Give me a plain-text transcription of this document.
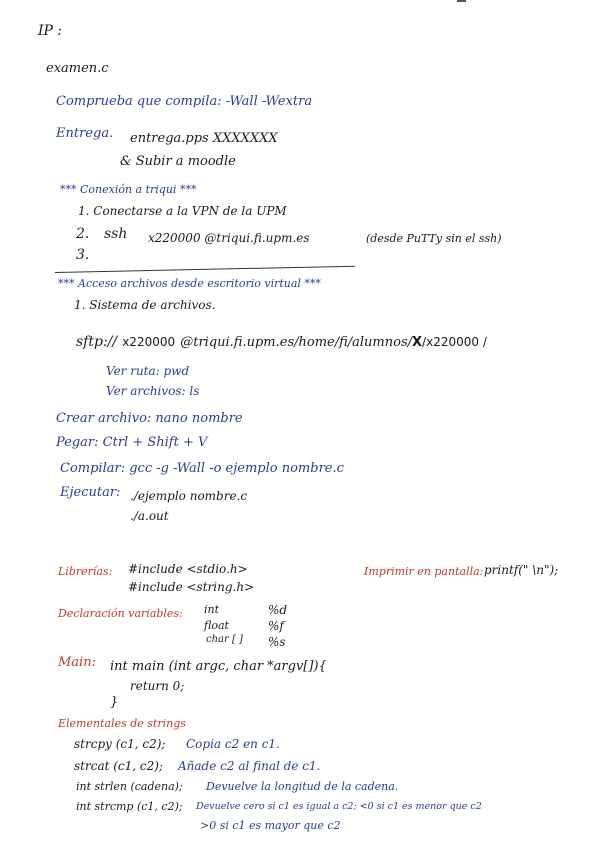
IP :
examen.c
Comprueba que compila: -Wall -Wextra
Entrega. entrega.pps XXXXXXX
& Subir a moodle
*** Conexión a triqui ***
1. Conectarse a la VPN de la UPM
2. ssh x220000 @triqui.fi.upm.es	(desde PuTTy sin el ssh)
3.
*** Acceso archivos desde escritorio virtual ***
1. Sistema de archivos.
sftp:// x220000 @triqui.fi.upm.es/home/fi/alumnos/X/x220000 /
Ver ruta: pwd
Ver archivos: ls
Crear archivo: nano nombre
Pegar: Ctrl + Shift + V
Compilar: gcc -g -Wall -o ejemplo nombre.c
Ejecutar: ./ejemplo nombre.c
./a.out
Librerías: #include <stdio.h>
#include <string.h>
Imprimir en pantalla: printf(" \n");
Declaración variables: int
float
char [ ]
%d
%f
%s
Main: int main (int argc, char *argv[]){
return 0;
}
Elementales de strings
strcpy (c1, c2); Copia c2 en c1.
strcat (c1, c2); Añade c2 al final de c1.
int strlen (cadena); Devuelve la longitud de la cadena.
int strcmp (c1, c2); Devuelve cero si c1 es igual a c2; <0 si c1 es menor que c2
>0 si c1 es mayor que c2
